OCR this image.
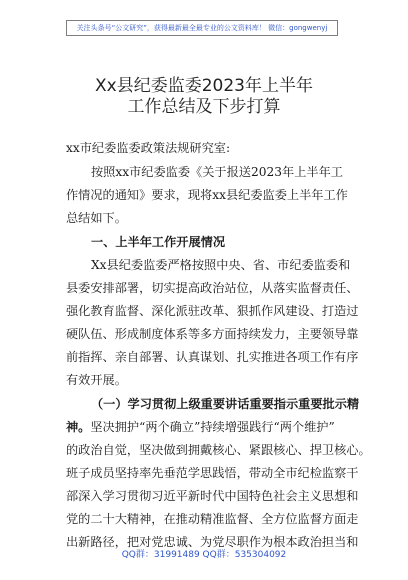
关注头条号“公文研究”，获得最新最全最专业的公文资料库！ 微信：gongwenyj
Xx县纪委监委2023年上半年
工作总结及下步打算
xx市纪委监委政策法规研究室:
按照xx市纪委监委《关于报送2023年上半年工
作情况的通知》要求，现将xx县纪委监委上半年工作
总结如下。
一、上半年工作开展情况
Xx县纪委监委严格按照中央、省、市纪委监委和
县委安排部署，切实提高政治站位，从落实监督责任、
强化教育监督、深化派驻改革、狠抓作风建设、打造过
硬队伍、形成制度体系等多方面持续发力，主要领导靠
前指挥、亲自部署、认真谋划、扎实推进各项工作有序
有效开展。
（一）学习贯彻上级重要讲话重要指示重要批示精
神。坚决拥护“两个确立”持续增强践行“两个维护”
的政治自觉，坚决做到拥戴核心、紧跟核心、捍卫核心。
班子成员坚持率先垂范学思践悟，带动全市纪检监察干
部深入学习贯彻习近平新时代中国特色社会主义思想和
党的二十大精神，在推动精准监督、全方位监督方面走
出新路径，把对党忠诚、为党尽职作为根本政治担当和
QQ群：31991489 QQ群：535304092
